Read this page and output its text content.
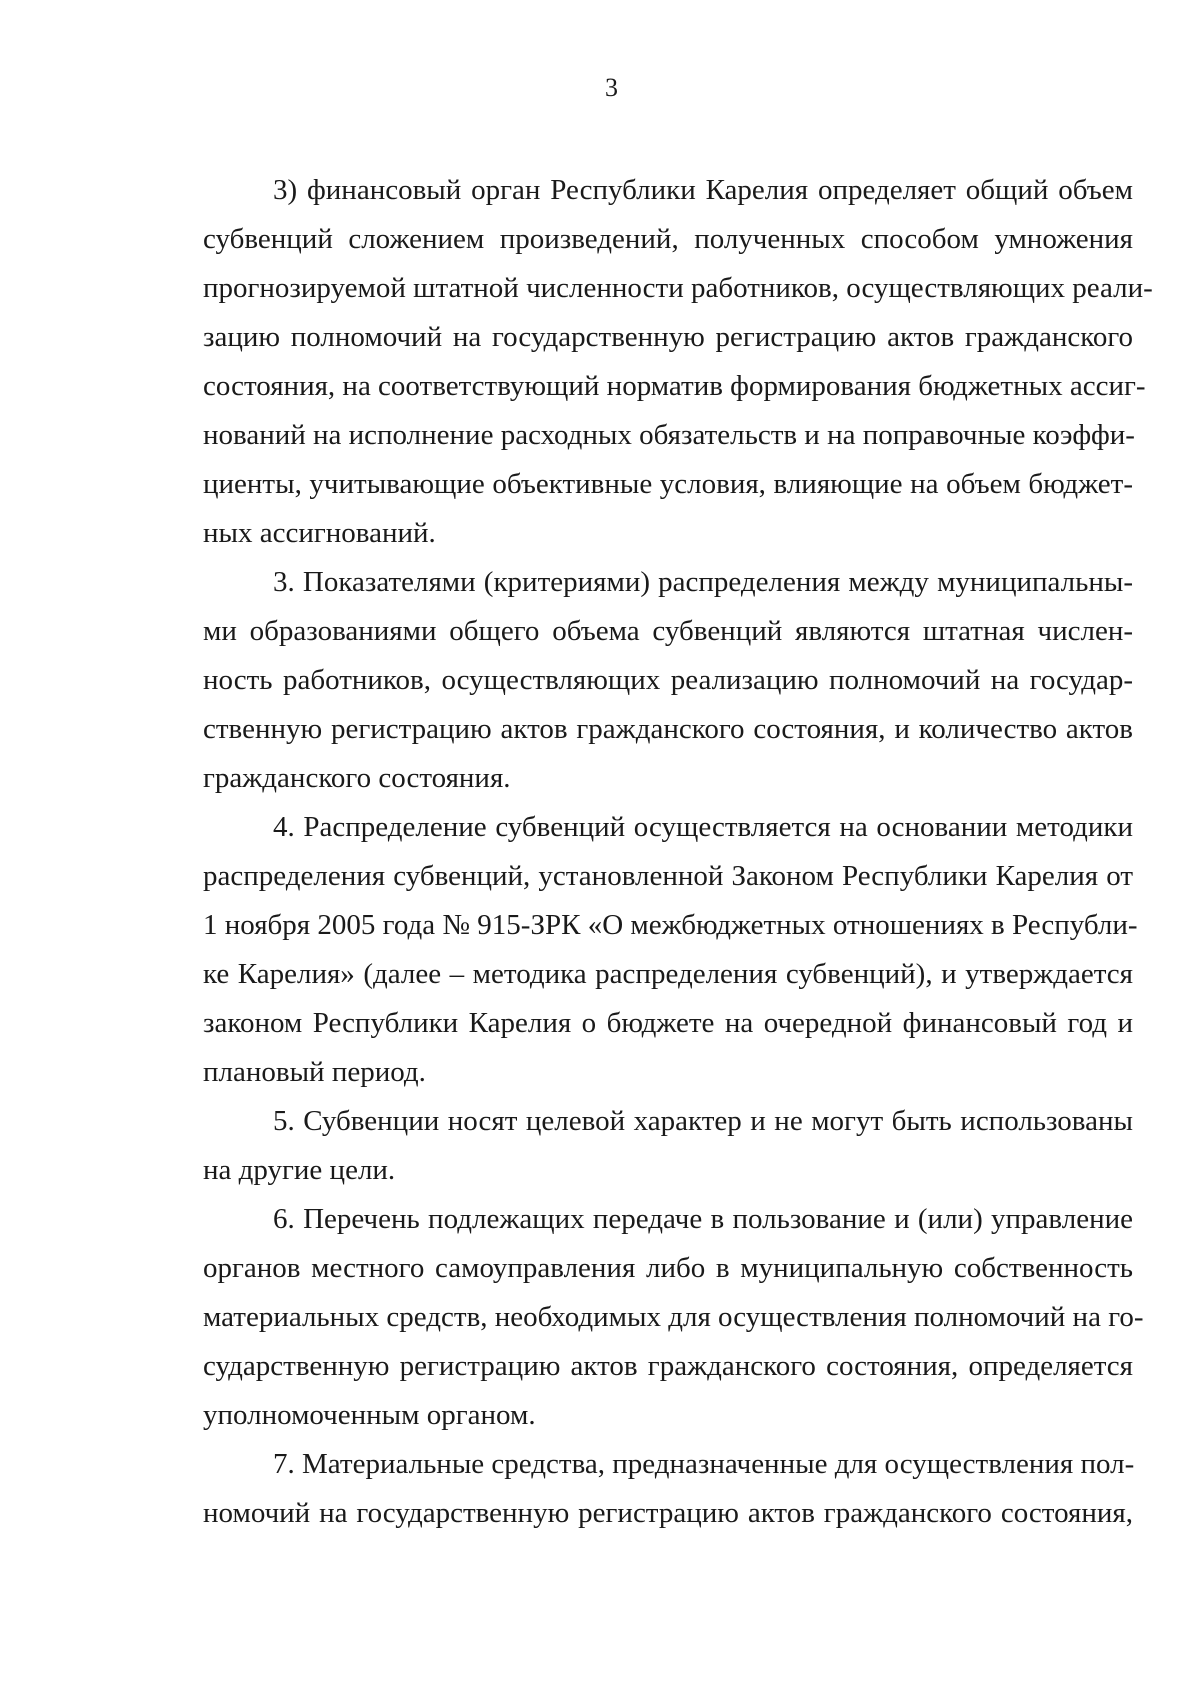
3

3) финансовый орган Республики Карелия определяет общий объем
субвенций сложением произведений, полученных способом умножения
прогнозируемой штатной численности работников, осуществляющих реали-
зацию полномочий на государственную регистрацию актов гражданского
состояния, на соответствующий норматив формирования бюджетных ассиг-
нований на исполнение расходных обязательств и на поправочные коэффи-
циенты, учитывающие объективные условия, влияющие на объем бюджет-
ных ассигнований.

3. Показателями (критериями) распределения между муниципальны-
ми образованиями общего объема субвенций являются штатная числен-
ность работников, осуществляющих реализацию полномочий на государ-
ственную регистрацию актов гражданского состояния, и количество актов
гражданского состояния.

4. Распределение субвенций осуществляется на основании методики
распределения субвенций, установленной Законом Республики Карелия от
1 ноября 2005 года № 915-ЗРК «О межбюджетных отношениях в Республи-
ке Карелия» (далее – методика распределения субвенций), и утверждается
законом Республики Карелия о бюджете на очередной финансовый год и
плановый период.

5. Субвенции носят целевой характер и не могут быть использованы
на другие цели.

6. Перечень подлежащих передаче в пользование и (или) управление
органов местного самоуправления либо в муниципальную собственность
материальных средств, необходимых для осуществления полномочий на го-
сударственную регистрацию актов гражданского состояния, определяется
уполномоченным органом.

7. Материальные средства, предназначенные для осуществления пол-
номочий на государственную регистрацию актов гражданского состояния,
